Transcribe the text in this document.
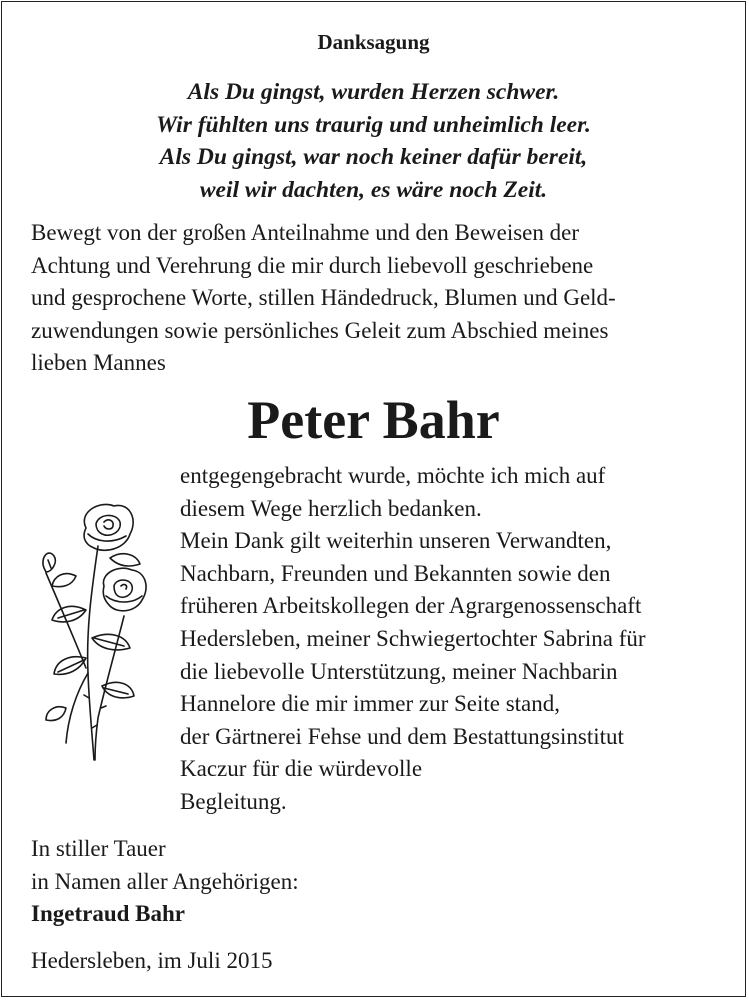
Danksagung
Als Du gingst, wurden Herzen schwer.
Wir fühlten uns traurig und unheimlich leer.
Als Du gingst, war noch keiner dafür bereit,
weil wir dachten, es wäre noch Zeit.
Bewegt von der großen Anteilnahme und den Beweisen der
Achtung und Verehrung die mir durch liebevoll geschriebene
und gesprochene Worte, stillen Händedruck, Blumen und Geld-
zuwendungen sowie persönliches Geleit zum Abschied meines
lieben Mannes
Peter Bahr
entgegengebracht wurde, möchte ich mich auf
diesem Wege herzlich bedanken.
Mein Dank gilt weiterhin unseren Verwandten,
Nachbarn, Freunden und Bekannten sowie den
früheren Arbeitskollegen der Agrargenossenschaft
Hedersleben, meiner Schwiegertochter Sabrina für
die liebevolle Unterstützung, meiner Nachbarin
Hannelore die mir immer zur Seite stand,
der Gärtnerei Fehse und dem Bestattungsinstitut
Kaczur für die würdevolle
Begleitung.
In stiller Tauer
in Namen aller Angehörigen:
Ingetraud Bahr
Hedersleben, im Juli 2015
